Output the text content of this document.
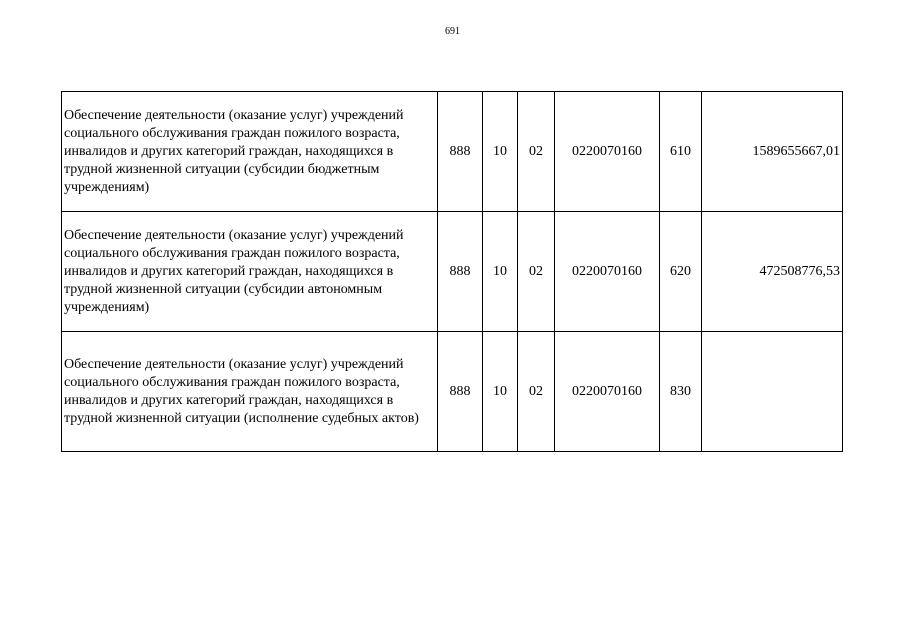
691
Обеспечение деятельности (оказание услуг) учреждений социального обслуживания граждан пожилого возраста, инвалидов и других категорий граждан, находящихся в трудной жизненной ситуации (субсидии бюджетным учреждениям)	888	10	02	0220070160	610	1589655667,01
Обеспечение деятельности (оказание услуг) учреждений социального обслуживания граждан пожилого возраста, инвалидов и других категорий граждан, находящихся в трудной жизненной ситуации (субсидии автономным учреждениям)	888	10	02	0220070160	620	472508776,53
Обеспечение деятельности (оказание услуг) учреждений социального обслуживания граждан пожилого возраста, инвалидов и других категорий граждан, находящихся в трудной жизненной ситуации (исполнение судебных актов)	888	10	02	0220070160	830	
